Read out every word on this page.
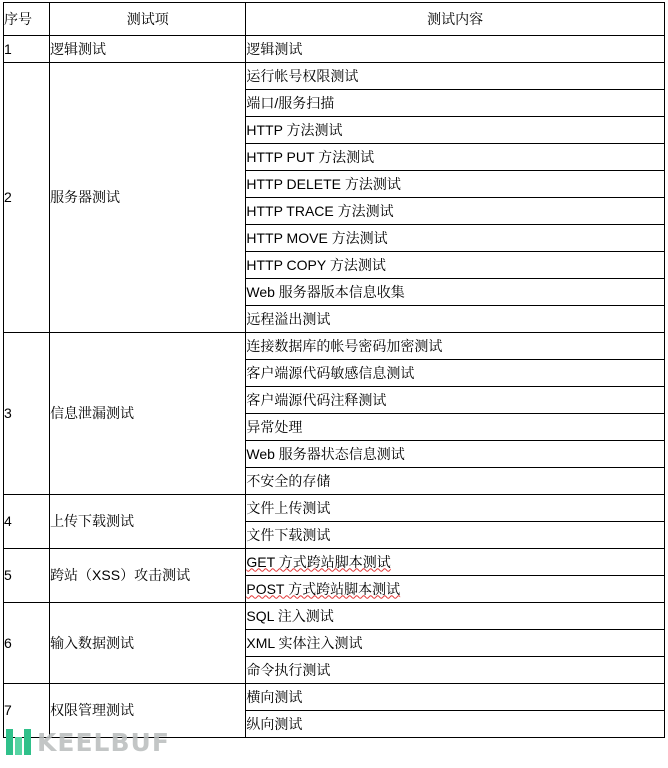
序号	测试项	测试内容
1	逻辑测试	逻辑测试
2	服务器测试	运行帐号权限测试
		端口/服务扫描
		HTTP 方法测试
		HTTP PUT 方法测试
		HTTP DELETE 方法测试
		HTTP TRACE 方法测试
		HTTP MOVE 方法测试
		HTTP COPY 方法测试
		Web 服务器版本信息收集
		远程溢出测试
3	信息泄漏测试	连接数据库的帐号密码加密测试
		客户端源代码敏感信息测试
		客户端源代码注释测试
		异常处理
		Web 服务器状态信息测试
		不安全的存储
4	上传下载测试	文件上传测试
		文件下载测试
5	跨站（XSS）攻击测试	GET 方式跨站脚本测试
		POST 方式跨站脚本测试
6	输入数据测试	SQL 注入测试
		XML 实体注入测试
		命令执行测试
7	权限管理测试	横向测试
		纵向测试
KEELBUF
